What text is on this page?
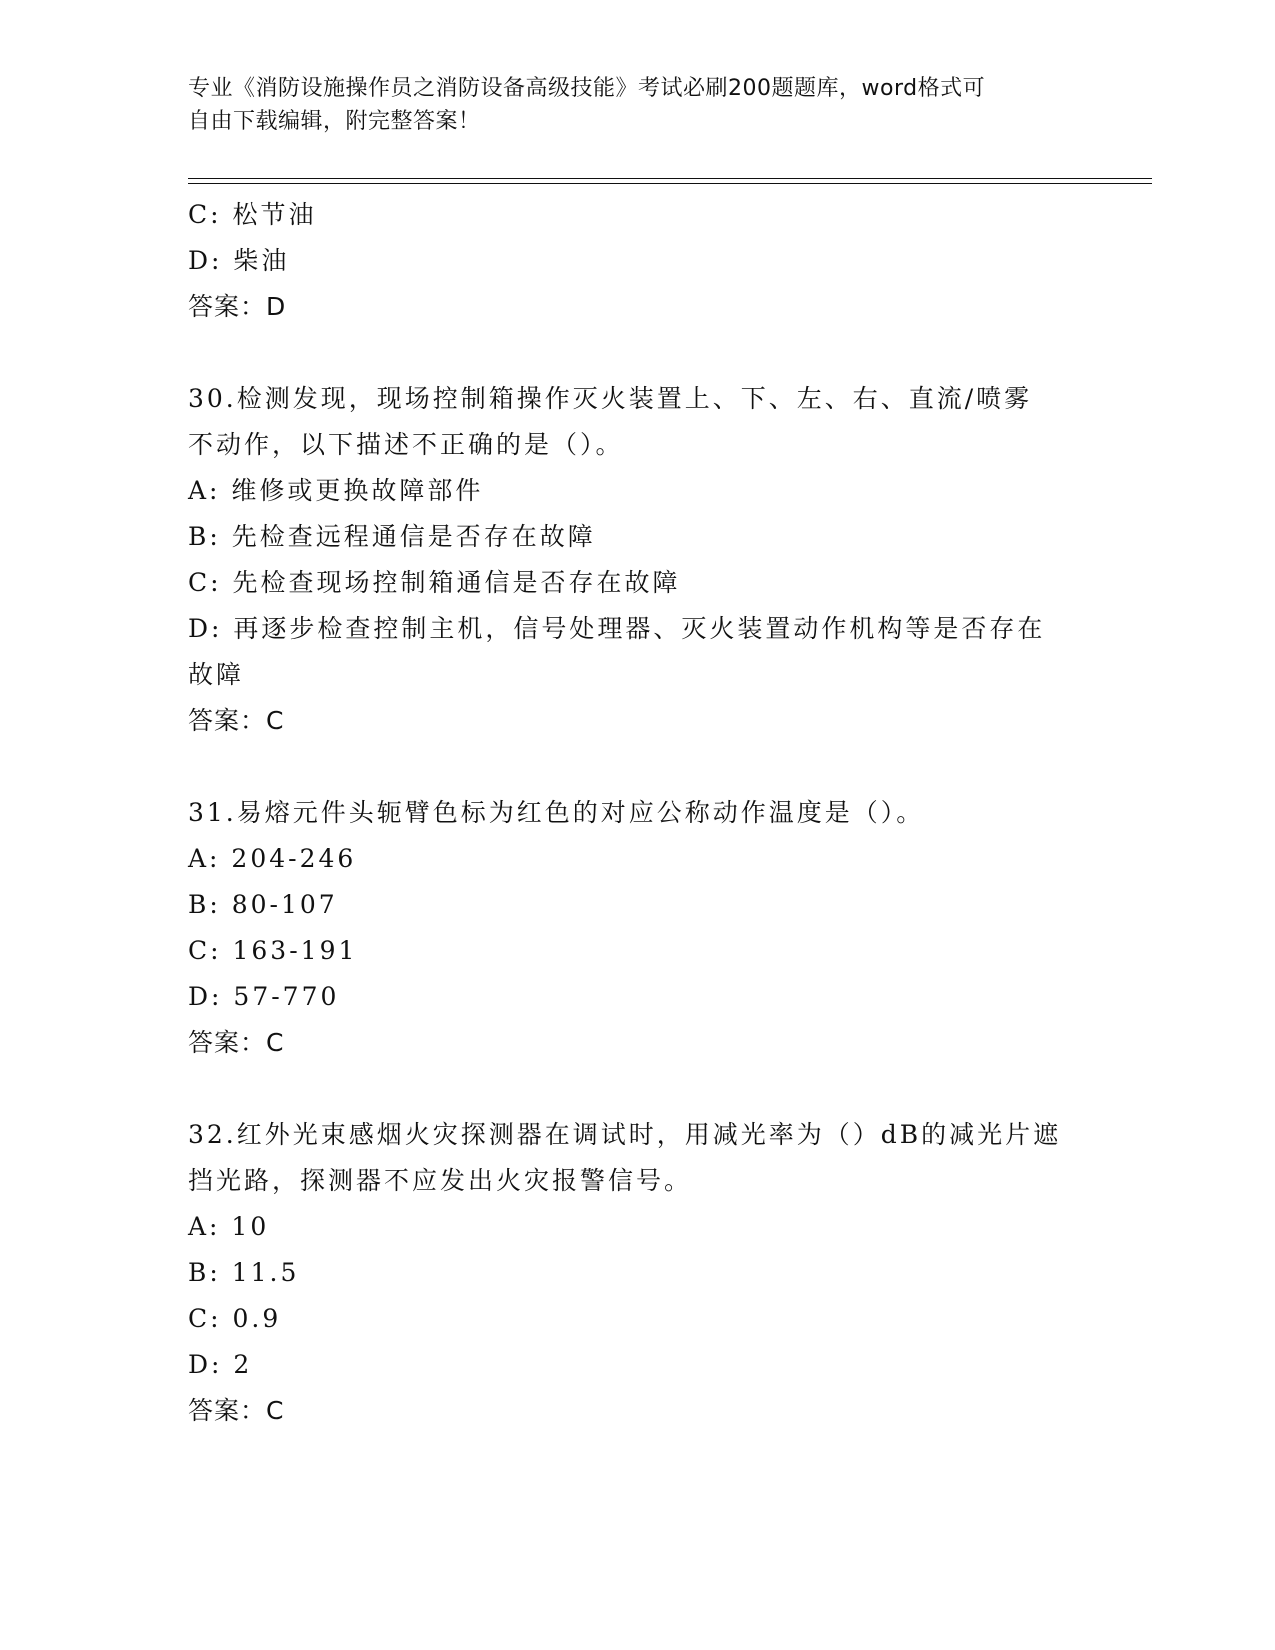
专业《消防设施操作员之消防设备高级技能》考试必刷200题题库，word格式可
自由下载编辑，附完整答案！
C: 松节油
D: 柴油
答案：D
30.检测发现，现场控制箱操作灭火装置上、下、左、右、直流/喷雾
不动作，以下描述不正确的是（）。
A: 维修或更换故障部件
B: 先检查远程通信是否存在故障
C: 先检查现场控制箱通信是否存在故障
D: 再逐步检查控制主机，信号处理器、灭火装置动作机构等是否存在
故障
答案：C
31.易熔元件头轭臂色标为红色的对应公称动作温度是（）。
A: 204-246
B: 80-107
C: 163-191
D: 57-770
答案：C
32.红外光束感烟火灾探测器在调试时，用减光率为（）dB的减光片遮
挡光路，探测器不应发出火灾报警信号。
A: 10
B: 11.5
C: 0.9
D: 2
答案：C
